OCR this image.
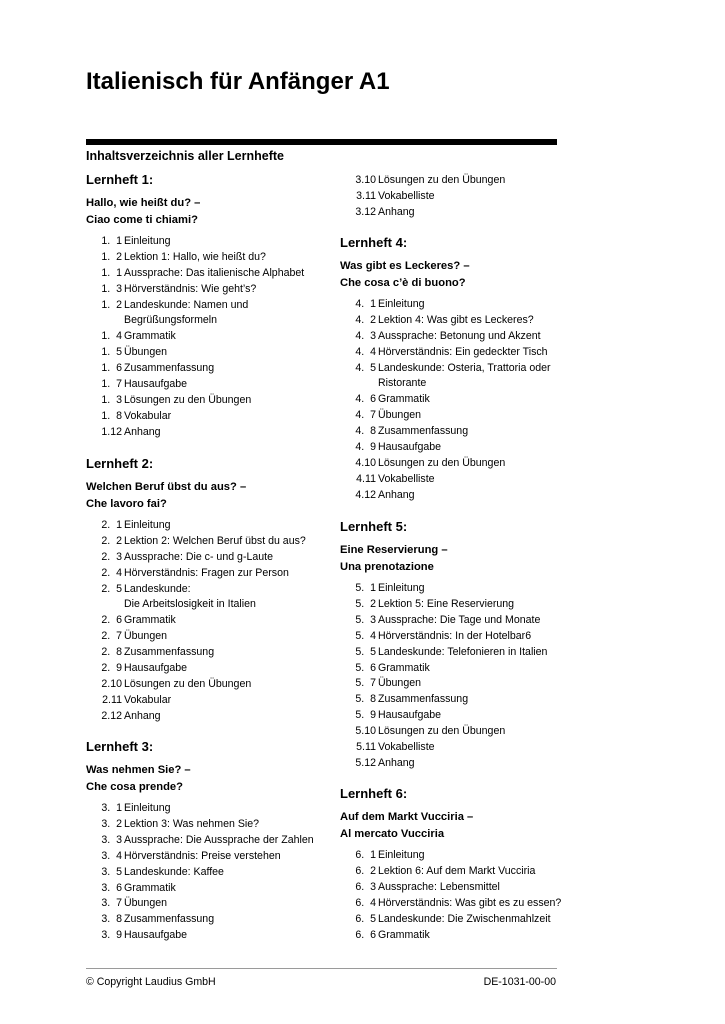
Italienisch für Anfänger A1
Inhaltsverzeichnis aller Lernhefte
Lernheft 1:
Hallo, wie heißt du? –
Ciao come ti chiami?
1.  1 Einleitung
1.  2 Lektion 1: Hallo, wie heißt du?
1.  1 Aussprache: Das italienische Alphabet
1.  3 Hörverständnis: Wie geht’s?
1.  2 Landeskunde: Namen und
Begrüßungsformeln
1.  4 Grammatik
1.  5 Übungen
1.  6 Zusammenfassung
1.  7 Hausaufgabe
1.  3 Lösungen zu den Übungen
1.  8 Vokabular
1.12 Anhang
Lernheft 2:
Welchen Beruf übst du aus? –
Che lavoro fai?
2.  1 Einleitung
2.  2 Lektion 2: Welchen Beruf übst du aus?
2.  3 Aussprache: Die c- und g-Laute
2.  4 Hörverständnis: Fragen zur Person
2.  5 Landeskunde:
Die Arbeitslosigkeit in Italien
2.  6 Grammatik
2.  7 Übungen
2.  8 Zusammenfassung
2.  9 Hausaufgabe
2.10 Lösungen zu den Übungen
2.11 Vokabular
2.12 Anhang
Lernheft 3:
Was nehmen Sie? –
Che cosa prende?
3.  1 Einleitung
3.  2 Lektion 3: Was nehmen Sie?
3.  3 Aussprache: Die Aussprache der Zahlen
3.  4 Hörverständnis: Preise verstehen
3.  5 Landeskunde: Kaffee
3.  6 Grammatik
3.  7 Übungen
3.  8 Zusammenfassung
3.  9 Hausaufgabe
Lernheft 4:
Was gibt es Leckeres? –
Che cosa c’è di buono?
4.  1 Einleitung
4.  2 Lektion 4: Was gibt es Leckeres?
4.  3 Aussprache: Betonung und Akzent
4.  4 Hörverständnis: Ein gedeckter Tisch
4.  5 Landeskunde: Osteria, Trattoria oder
Ristorante
4.  6 Grammatik
4.  7 Übungen
4.  8 Zusammenfassung
4.  9 Hausaufgabe
4.10 Lösungen zu den Übungen
4.11 Vokabelliste
4.12 Anhang
Lernheft 5:
Eine Reservierung –
Una prenotazione
5.  1 Einleitung
5.  2 Lektion 5: Eine Reservierung
5.  3 Aussprache: Die Tage und Monate
5.  4 Hörverständnis: In der Hotelbar6
5.  5 Landeskunde: Telefonieren in Italien
5.  6 Grammatik
5.  7 Übungen
5.  8 Zusammenfassung
5.  9 Hausaufgabe
5.10 Lösungen zu den Übungen
5.11 Vokabelliste
5.12 Anhang
Lernheft 6:
Auf dem Markt Vucciria –
Al mercato Vucciria
6.  1 Einleitung
6.  2 Lektion 6: Auf dem Markt Vucciria
6.  3 Aussprache: Lebensmittel
6.  4 Hörverständnis: Was gibt es zu essen?
6.  5 Landeskunde: Die Zwischenmahlzeit
6.  6 Grammatik
3.10 Lösungen zu den Übungen
3.11 Vokabelliste
3.12 Anhang
© Copyright Laudius GmbH	DE-1031-00-00
